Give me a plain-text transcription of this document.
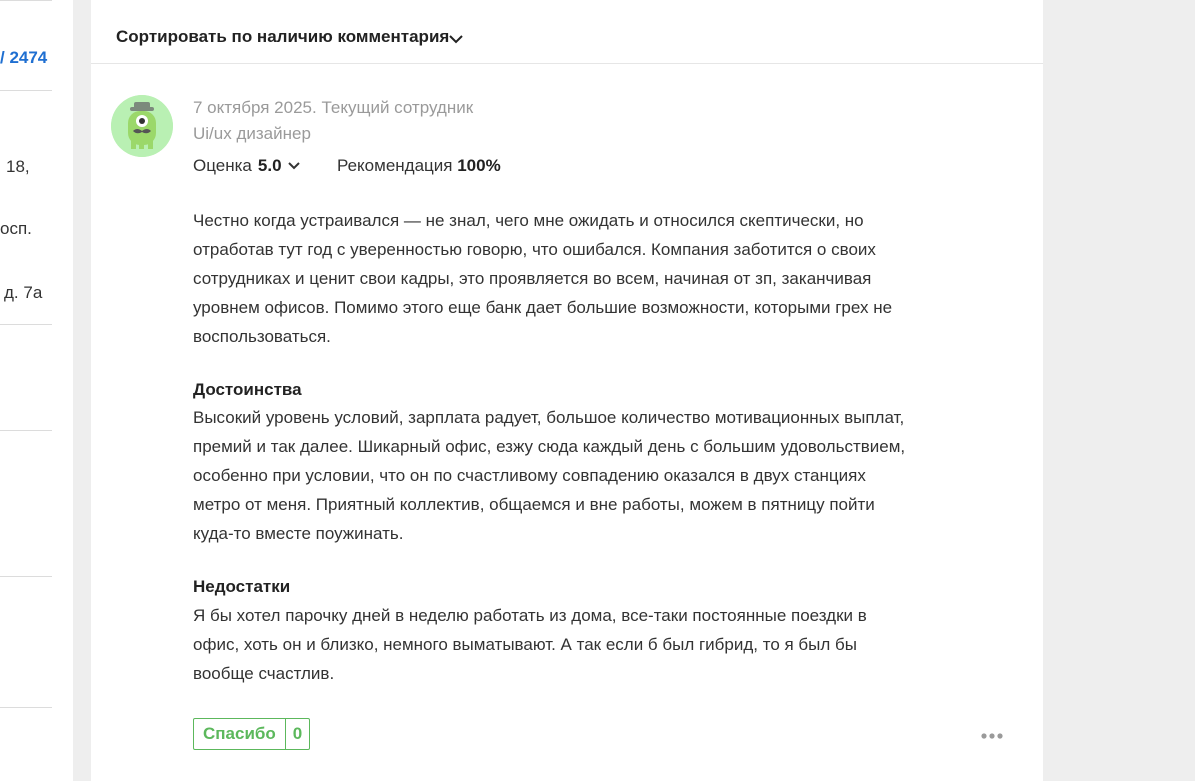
/ 2474
18,
осп.
д. 7а
Сортировать по наличию комментария
7 октября 2025. Текущий сотрудник
Ui/ux дизайнер
Оценка 5.0	Рекомендация 100%
Честно когда устраивался — не знал, чего мне ожидать и относился скептически, но отработав тут год с уверенностью говорю, что ошибался. Компания заботится о своих сотрудниках и ценит свои кадры, это проявляется во всем, начиная от зп, заканчивая уровнем офисов. Помимо этого еще банк дает большие возможности, которыми грех не воспользоваться.
Достоинства
Высокий уровень условий, зарплата радует, большое количество мотивационных выплат, премий и так далее. Шикарный офис, езжу сюда каждый день с большим удовольствием, особенно при условии, что он по счастливому совпадению оказался в двух станциях метро от меня. Приятный коллектив, общаемся и вне работы, можем в пятницу пойти куда-то вместе поужинать.
Недостатки
Я бы хотел парочку дней в неделю работать из дома, все-таки постоянные поездки в офис, хоть он и близко, немного выматывают. А так если б был гибрид, то я был бы вообще счастлив.
Спасибо	0
